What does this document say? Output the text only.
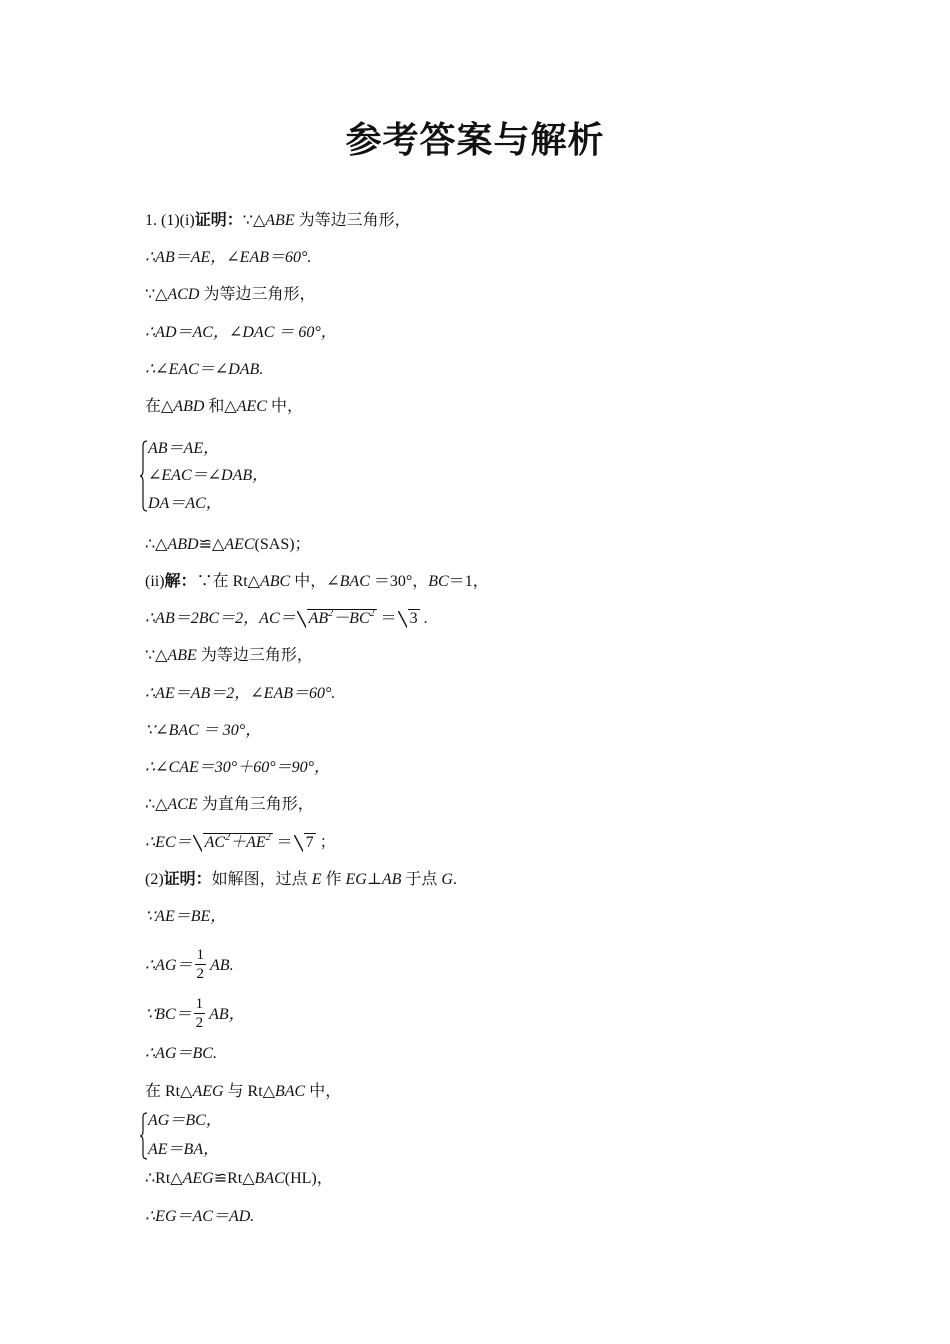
参考答案与解析
1. (1)(i)证明：∵△ABE 为等边三角形，
∴AB＝AE，∠EAB＝60°.
∵△ACD 为等边三角形，
∴AD＝AC，∠DAC ＝ 60°，
∴∠EAC＝∠DAB.
在△ABD 和△AEC 中，
AB＝AE，
∠EAC＝∠DAB，
DA＝AC，
∴△ABD≌△AEC(SAS)；
(ii)解：∵在 Rt△ABC 中，∠BAC ＝30°，BC＝1，
∴AB＝2BC＝2，$AC= AB^2-BC^2 = 3$ .
∵△ABE 为等边三角形，
∴AE＝AB＝2，∠EAB＝60°.
∵∠BAC ＝ 30°，
∴∠CAE＝30°＋60°＝90°，
∴△ACE 为直角三角形，
∴EC＝ $AC^2+AE^2 = 7$ ；
(2)证明：如解图，过点 E 作 EG⊥AB 于点 G.
∵AE＝BE，
∴AG＝ $\frac{1}{2}$ AB.
∵BC＝ $\frac{1}{2}$ AB，
∴AG＝BC.
在 Rt△AEG 与 Rt△BAC 中，
AG＝BC，
AE＝BA，
∴Rt△AEG≌Rt△BAC(HL)，
∴EG＝AC＝AD.
